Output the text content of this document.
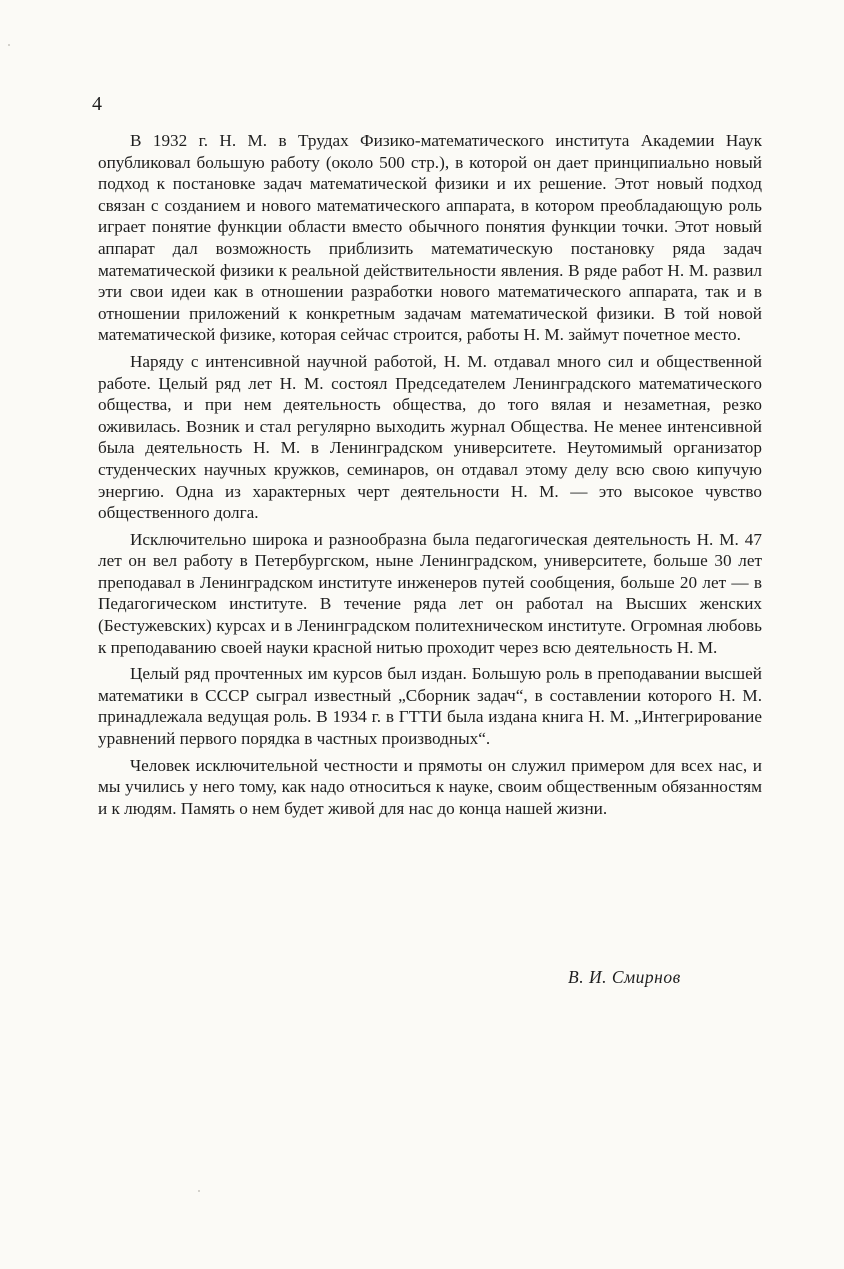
4

В 1932 г. Н. М. в Трудах Физико-математического института Академии Наук опубликовал большую работу (около 500 стр.), в которой он дает принципиально новый подход к постановке задач математической физики и их решение. Этот новый подход связан с созданием и нового математического аппарата, в котором преобладающую роль играет понятие функции области вместо обычного понятия функции точки. Этот новый аппарат дал возможность приблизить математическую постановку ряда задач математической физики к реальной действительности явления. В ряде работ Н. М. развил эти свои идеи как в отношении разработки нового математического аппарата, так и в отношении приложений к конкретным задачам математической физики. В той новой математической физике, которая сейчас строится, работы Н. М. займут почетное место.

Наряду с интенсивной научной работой, Н. М. отдавал много сил и общественной работе. Целый ряд лет Н. М. состоял Председателем Ленинградского математического общества, и при нем деятельность общества, до того вялая и незаметная, резко оживилась. Возник и стал регулярно выходить журнал Общества. Не менее интенсивной была деятельность Н. М. в Ленинградском университете. Неутомимый организатор студенческих научных кружков, семинаров, он отдавал этому делу всю свою кипучую энергию. Одна из характерных черт деятельности Н. М. — это высокое чувство общественного долга.

Исключительно широка и разнообразна была педагогическая деятельность Н. М. 47 лет он вел работу в Петербургском, ныне Ленинградском, университете, больше 30 лет преподавал в Ленинградском институте инженеров путей сообщения, больше 20 лет — в Педагогическом институте. В течение ряда лет он работал на Высших женских (Бестужевских) курсах и в Ленинградском политехническом институте. Огромная любовь к преподаванию своей науки красной нитью проходит через всю деятельность Н. М.

Целый ряд прочтенных им курсов был издан. Большую роль в преподавании высшей математики в СССР сыграл известный „Сборник задач“, в составлении которого Н. М. принадлежала ведущая роль. В 1934 г. в ГТТИ была издана книга Н. М. „Интегрирование уравнений первого порядка в частных производных“.

Человек исключительной честности и прямоты он служил примером для всех нас, и мы учились у него тому, как надо относиться к науке, своим общественным обязанностям и к людям. Память о нем будет живой для нас до конца нашей жизни.

В. И. Смирнов
